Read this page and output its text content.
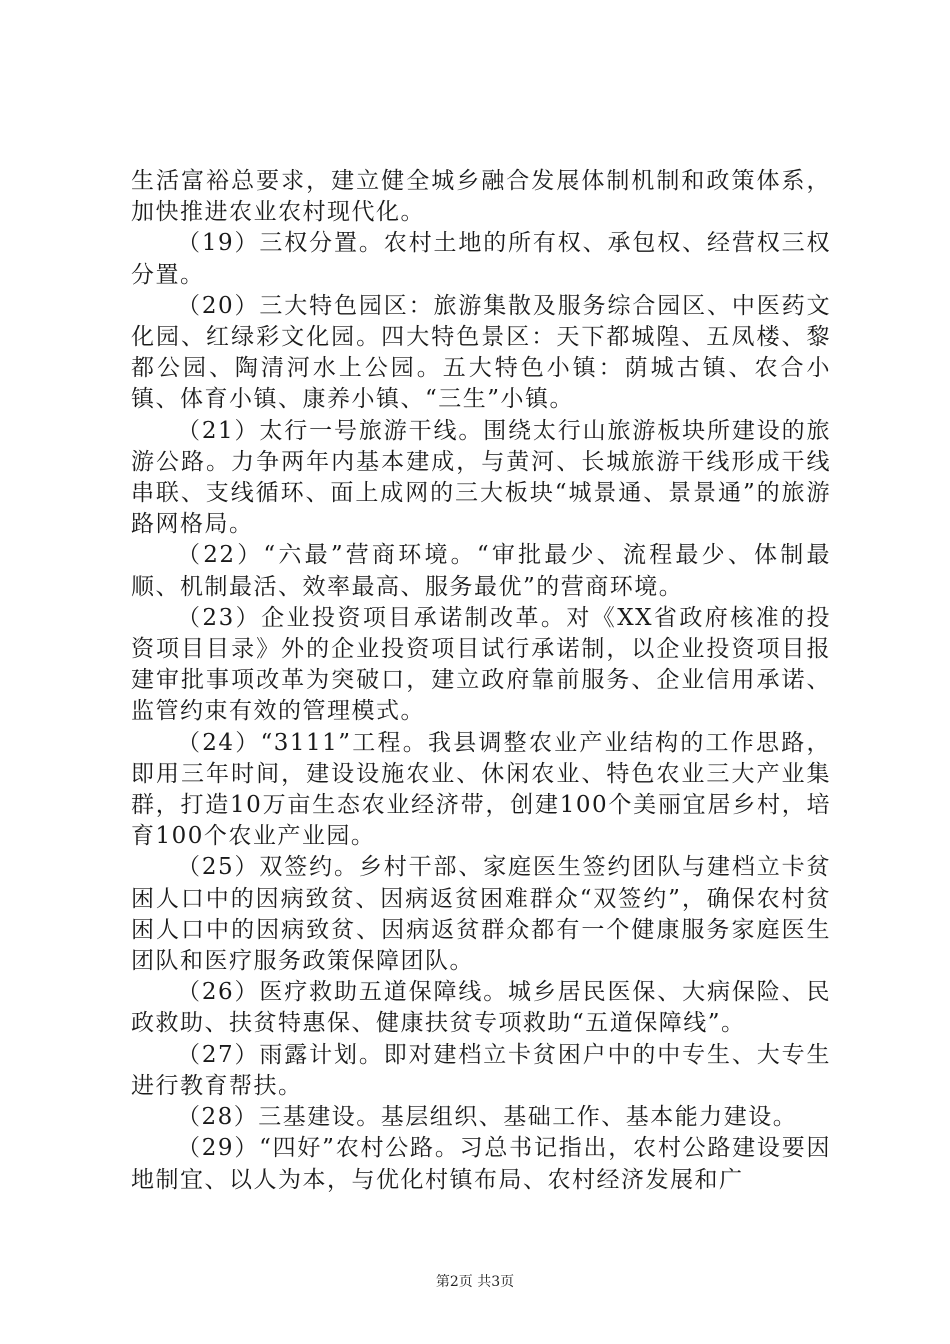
生活富裕总要求，建立健全城乡融合发展体制机制和政策体系，加快推进农业农村现代化。

（19）三权分置。农村土地的所有权、承包权、经营权三权分置。

（20）三大特色园区：旅游集散及服务综合园区、中医药文化园、红绿彩文化园。四大特色景区：天下都城隍、五凤楼、黎都公园、陶清河水上公园。五大特色小镇：荫城古镇、农合小镇、体育小镇、康养小镇、“三生”小镇。

（21）太行一号旅游干线。围绕太行山旅游板块所建设的旅游公路。力争两年内基本建成，与黄河、长城旅游干线形成干线串联、支线循环、面上成网的三大板块“城景通、景景通”的旅游路网格局。

（22）“六最”营商环境。“审批最少、流程最少、体制最顺、机制最活、效率最高、服务最优”的营商环境。

（23）企业投资项目承诺制改革。对《XX省政府核准的投资项目目录》外的企业投资项目试行承诺制，以企业投资项目报建审批事项改革为突破口，建立政府靠前服务、企业信用承诺、监管约束有效的管理模式。

（24）“3111”工程。我县调整农业产业结构的工作思路，即用三年时间，建设设施农业、休闲农业、特色农业三大产业集群，打造10万亩生态农业经济带，创建100个美丽宜居乡村，培育100个农业产业园。

（25）双签约。乡村干部、家庭医生签约团队与建档立卡贫困人口中的因病致贫、因病返贫困难群众“双签约”，确保农村贫困人口中的因病致贫、因病返贫群众都有一个健康服务家庭医生团队和医疗服务政策保障团队。

（26）医疗救助五道保障线。城乡居民医保、大病保险、民政救助、扶贫特惠保、健康扶贫专项救助“五道保障线”。

（27）雨露计划。即对建档立卡贫困户中的中专生、大专生进行教育帮扶。

（28）三基建设。基层组织、基础工作、基本能力建设。

（29）“四好”农村公路。习总书记指出，农村公路建设要因地制宜、以人为本，与优化村镇布局、农村经济发展和广

第2页 共3页
